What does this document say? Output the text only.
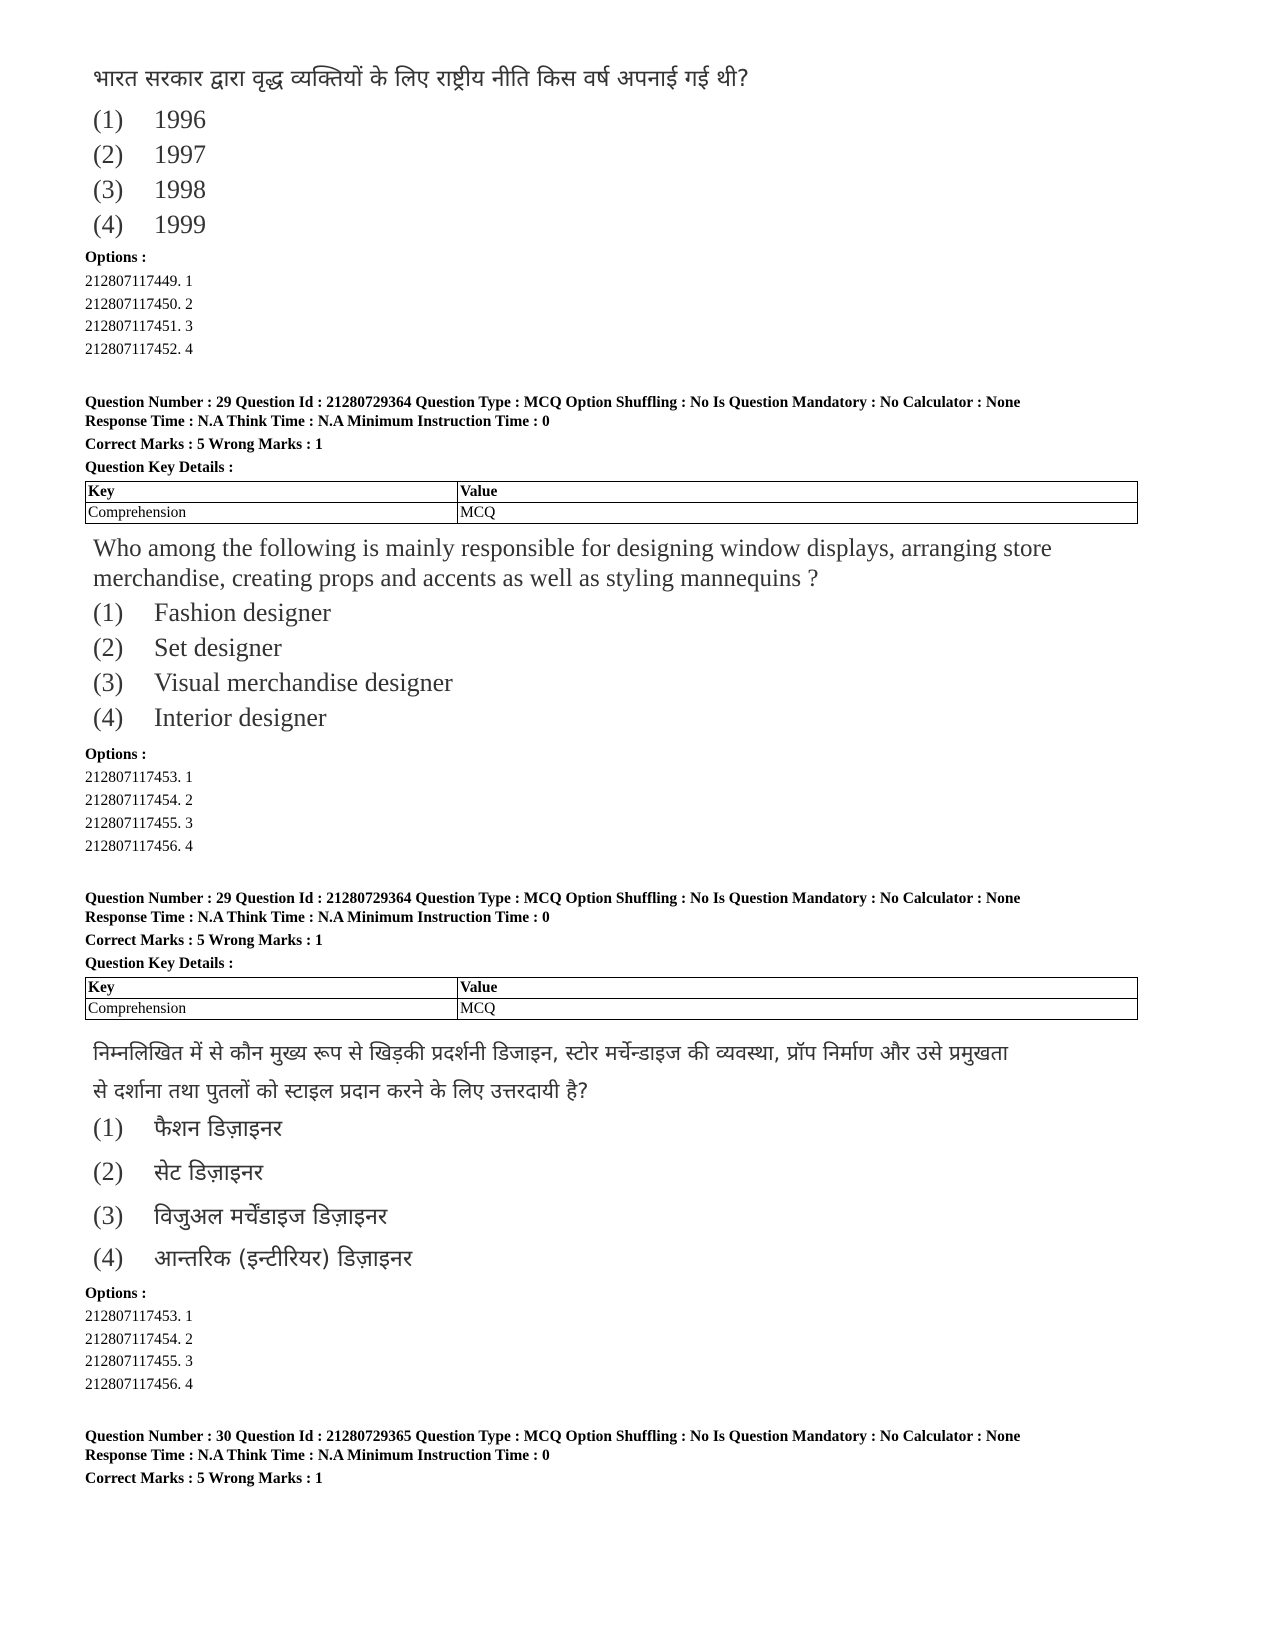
भारत सरकार द्वारा वृद्ध व्यक्तियों के लिए राष्ट्रीय नीति किस वर्ष अपनाई गई थी?
(1) 1996
(2) 1997
(3) 1998
(4) 1999
Options :
212807117449. 1
212807117450. 2
212807117451. 3
212807117452. 4
Question Number : 29 Question Id : 21280729364 Question Type : MCQ Option Shuffling : No Is Question Mandatory : No Calculator : None
Response Time : N.A Think Time : N.A Minimum Instruction Time : 0
Correct Marks : 5 Wrong Marks : 1
Question Key Details :
Key	Value
Comprehension	MCQ
Who among the following is mainly responsible for designing window displays, arranging store
merchandise, creating props and accents as well as styling mannequins ?
(1) Fashion designer
(2) Set designer
(3) Visual merchandise designer
(4) Interior designer
Options :
212807117453. 1
212807117454. 2
212807117455. 3
212807117456. 4
Question Number : 29 Question Id : 21280729364 Question Type : MCQ Option Shuffling : No Is Question Mandatory : No Calculator : None
Response Time : N.A Think Time : N.A Minimum Instruction Time : 0
Correct Marks : 5 Wrong Marks : 1
Question Key Details :
Key	Value
Comprehension	MCQ
निम्नलिखित में से कौन मुख्य रूप से खिड़की प्रदर्शनी डिजाइन, स्टोर मर्चेन्डाइज की व्यवस्था, प्रॉप निर्माण और उसे प्रमुखता
से दर्शाना तथा पुतलों को स्टाइल प्रदान करने के लिए उत्तरदायी है?
(1) फैशन डिज़ाइनर
(2) सेट डिज़ाइनर
(3) विजुअल मर्चेंडाइज डिज़ाइनर
(4) आन्तरिक (इन्टीरियर) डिज़ाइनर
Options :
212807117453. 1
212807117454. 2
212807117455. 3
212807117456. 4
Question Number : 30 Question Id : 21280729365 Question Type : MCQ Option Shuffling : No Is Question Mandatory : No Calculator : None
Response Time : N.A Think Time : N.A Minimum Instruction Time : 0
Correct Marks : 5 Wrong Marks : 1
